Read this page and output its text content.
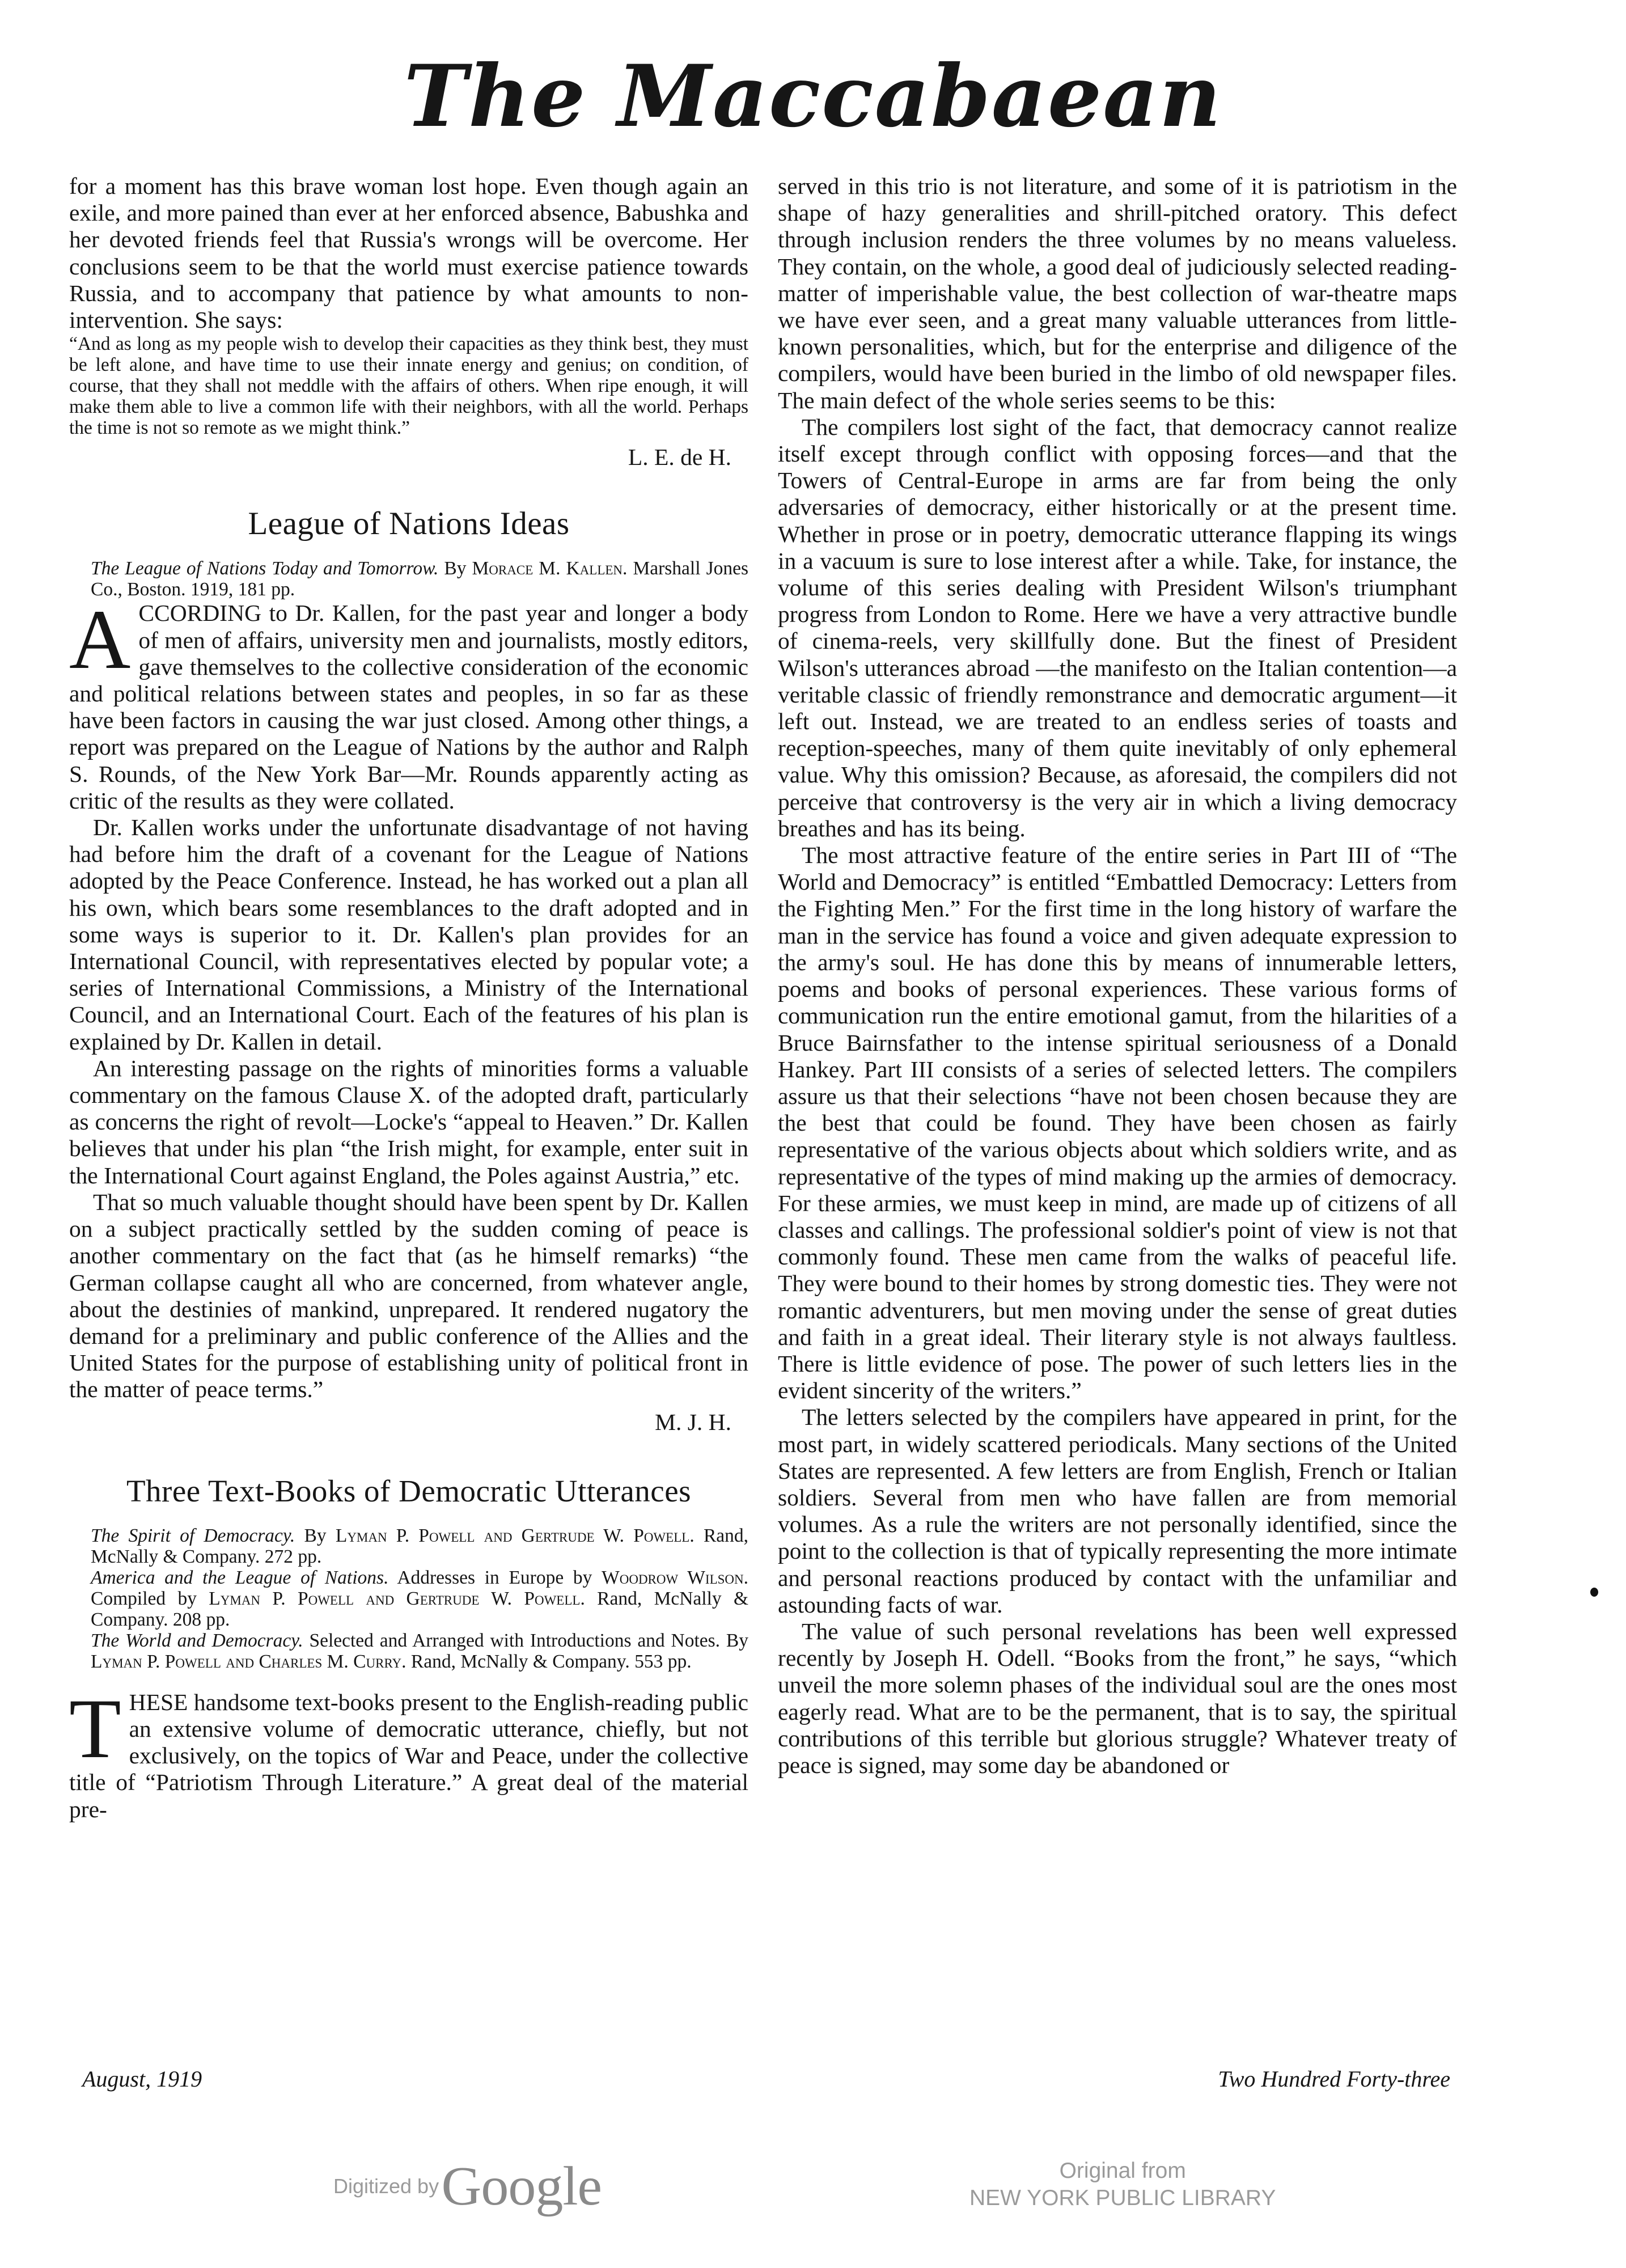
The Maccabaean

for a moment has this brave woman lost hope. Even though again an exile, and more pained than ever at her enforced absence, Babushka and her devoted friends feel that Russia's wrongs will be overcome. Her conclusions seem to be that the world must exercise patience towards Russia, and to accompany that patience by what amounts to non-intervention. She says:

“And as long as my people wish to develop their capacities as they think best, they must be left alone, and have time to use their innate energy and genius; on condition, of course, that they shall not meddle with the affairs of others. When ripe enough, it will make them able to live a common life with their neighbors, with all the world. Perhaps the time is not so remote as we might think.”

L. E. de H.
League of Nations Ideas

The League of Nations Today and Tomorrow. By Morace M. Kallen. Marshall Jones Co., Boston. 1919, 181 pp.

A CCORDING to Dr. Kallen, for the past year and longer a body of men of affairs, university men and journalists, mostly editors, gave themselves to the collective consideration of the economic and political relations between states and peoples, in so far as these have been factors in causing the war just closed. Among other things, a report was prepared on the League of Nations by the author and Ralph S. Rounds, of the New York Bar—Mr. Rounds apparently acting as critic of the results as they were collated.

Dr. Kallen works under the unfortunate disadvantage of not having had before him the draft of a covenant for the League of Nations adopted by the Peace Conference. Instead, he has worked out a plan all his own, which bears some resemblances to the draft adopted and in some ways is superior to it. Dr. Kallen's plan provides for an International Council, with representatives elected by popular vote; a series of International Commissions, a Ministry of the International Council, and an International Court. Each of the features of his plan is explained by Dr. Kallen in detail.

An interesting passage on the rights of minorities forms a valuable commentary on the famous Clause X. of the adopted draft, particularly as concerns the right of revolt—Locke's “appeal to Heaven.” Dr. Kallen believes that under his plan “the Irish might, for example, enter suit in the International Court against England, the Poles against Austria,” etc.

That so much valuable thought should have been spent by Dr. Kallen on a subject practically settled by the sudden coming of peace is another commentary on the fact that (as he himself remarks) “the German collapse caught all who are concerned, from whatever angle, about the destinies of mankind, unprepared. It rendered nugatory the demand for a preliminary and public conference of the Allies and the United States for the purpose of establishing unity of political front in the matter of peace terms.”

M. J. H.
Three Text-Books of Democratic Utterances

The Spirit of Democracy. By Lyman P. Powell and Gertrude W. Powell. Rand, McNally & Company. 272 pp.

America and the League of Nations. Addresses in Europe by Woodrow Wilson. Compiled by Lyman P. Powell and Gertrude W. Powell. Rand, McNally & Company. 208 pp.

The World and Democracy. Selected and Arranged with Introductions and Notes. By Lyman P. Powell and Charles M. Curry. Rand, McNally & Company. 553 pp.

T HESE handsome text-books present to the English-reading public an extensive volume of democratic utterance, chiefly, but not exclusively, on the topics of War and Peace, under the collective title of “Patriotism Through Literature.” A great deal of the material pre-

served in this trio is not literature, and some of it is patriotism in the shape of hazy generalities and shrill-pitched oratory. This defect through inclusion renders the three volumes by no means valueless. They contain, on the whole, a good deal of judiciously selected reading-matter of imperishable value, the best collection of war-theatre maps we have ever seen, and a great many valuable utterances from little-known personalities, which, but for the enterprise and diligence of the compilers, would have been buried in the limbo of old newspaper files. The main defect of the whole series seems to be this:

The compilers lost sight of the fact, that democracy cannot realize itself except through conflict with opposing forces—and that the Towers of Central-Europe in arms are far from being the only adversaries of democracy, either historically or at the present time. Whether in prose or in poetry, democratic utterance flapping its wings in a vacuum is sure to lose interest after a while. Take, for instance, the volume of this series dealing with President Wilson's triumphant progress from London to Rome. Here we have a very attractive bundle of cinema-reels, very skillfully done. But the finest of President Wilson's utterances abroad —the manifesto on the Italian contention—a veritable classic of friendly remonstrance and democratic argument—it left out. Instead, we are treated to an endless series of toasts and reception-speeches, many of them quite inevitably of only ephemeral value. Why this omission? Because, as aforesaid, the compilers did not perceive that controversy is the very air in which a living democracy breathes and has its being.

The most attractive feature of the entire series in Part III of “The World and Democracy” is entitled “Embattled Democracy: Letters from the Fighting Men.” For the first time in the long history of warfare the man in the service has found a voice and given adequate expression to the army's soul. He has done this by means of innumerable letters, poems and books of personal experiences. These various forms of communication run the entire emotional gamut, from the hilarities of a Bruce Bairnsfather to the intense spiritual seriousness of a Donald Hankey. Part III consists of a series of selected letters. The compilers assure us that their selections “have not been chosen because they are the best that could be found. They have been chosen as fairly representative of the various objects about which soldiers write, and as representative of the types of mind making up the armies of democracy. For these armies, we must keep in mind, are made up of citizens of all classes and callings. The professional soldier's point of view is not that commonly found. These men came from the walks of peaceful life. They were bound to their homes by strong domestic ties. They were not romantic adventurers, but men moving under the sense of great duties and faith in a great ideal. Their literary style is not always faultless. There is little evidence of pose. The power of such letters lies in the evident sincerity of the writers.”

The letters selected by the compilers have appeared in print, for the most part, in widely scattered periodicals. Many sections of the United States are represented. A few letters are from English, French or Italian soldiers. Several from men who have fallen are from memorial volumes. As a rule the writers are not personally identified, since the point to the collection is that of typically representing the more intimate and personal reactions produced by contact with the unfamiliar and astounding facts of war.

The value of such personal revelations has been well expressed recently by Joseph H. Odell. “Books from the front,” he says, “which unveil the more solemn phases of the individual soul are the ones most eagerly read. What are to be the permanent, that is to say, the spiritual contributions of this terrible but glorious struggle? Whatever treaty of peace is signed, may some day be abandoned or

August, 1919	Two Hundred Forty-three
Digitized by Google	Original from
NEW YORK PUBLIC LIBRARY
